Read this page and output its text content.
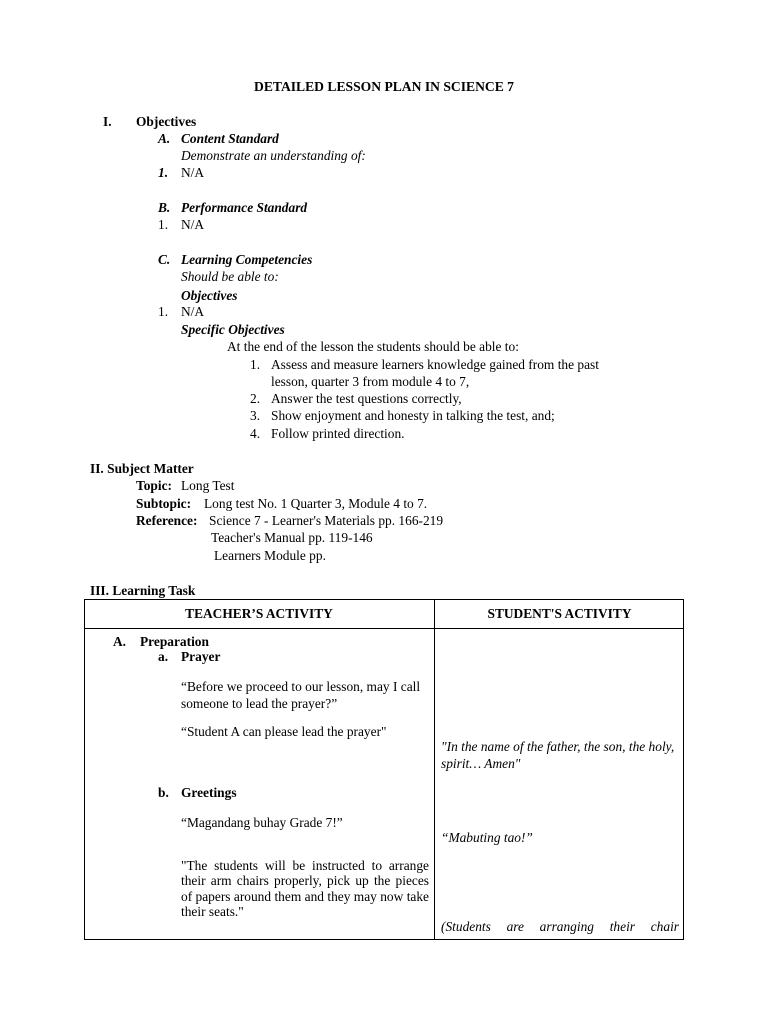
DETAILED LESSON PLAN IN SCIENCE 7
I. Objectives
A. Content Standard
Demonstrate an understanding of:
1. N/A
B. Performance Standard
1. N/A
C. Learning Competencies
Should be able to:
Objectives
1. N/A
Specific Objectives
At the end of the lesson the students should be able to:
1. Assess and measure learners knowledge gained from the past
lesson, quarter 3 from module 4 to 7,
2. Answer the test questions correctly,
3. Show enjoyment and honesty in talking the test, and;
4. Follow printed direction.
II. Subject Matter
Topic: Long Test
Subtopic: Long test No. 1 Quarter 3, Module 4 to 7.
Reference: Science 7 - Learner's Materials pp. 166-219
Teacher's Manual pp. 119-146
Learners Module pp.
III. Learning Task
TEACHER’S ACTIVITY	STUDENT'S ACTIVITY
A. Preparation
a. Prayer
“Before we proceed to our lesson, may I call someone to lead the prayer?”
“Student A can please lead the prayer"
"In the name of the father, the son, the holy, spirit… Amen"
b. Greetings
“Magandang buhay Grade 7!”
“Mabuting tao!”
"The students will be instructed to arrange their arm chairs properly, pick up the pieces of papers around them and they may now take their seats."
(Students are arranging their chair
